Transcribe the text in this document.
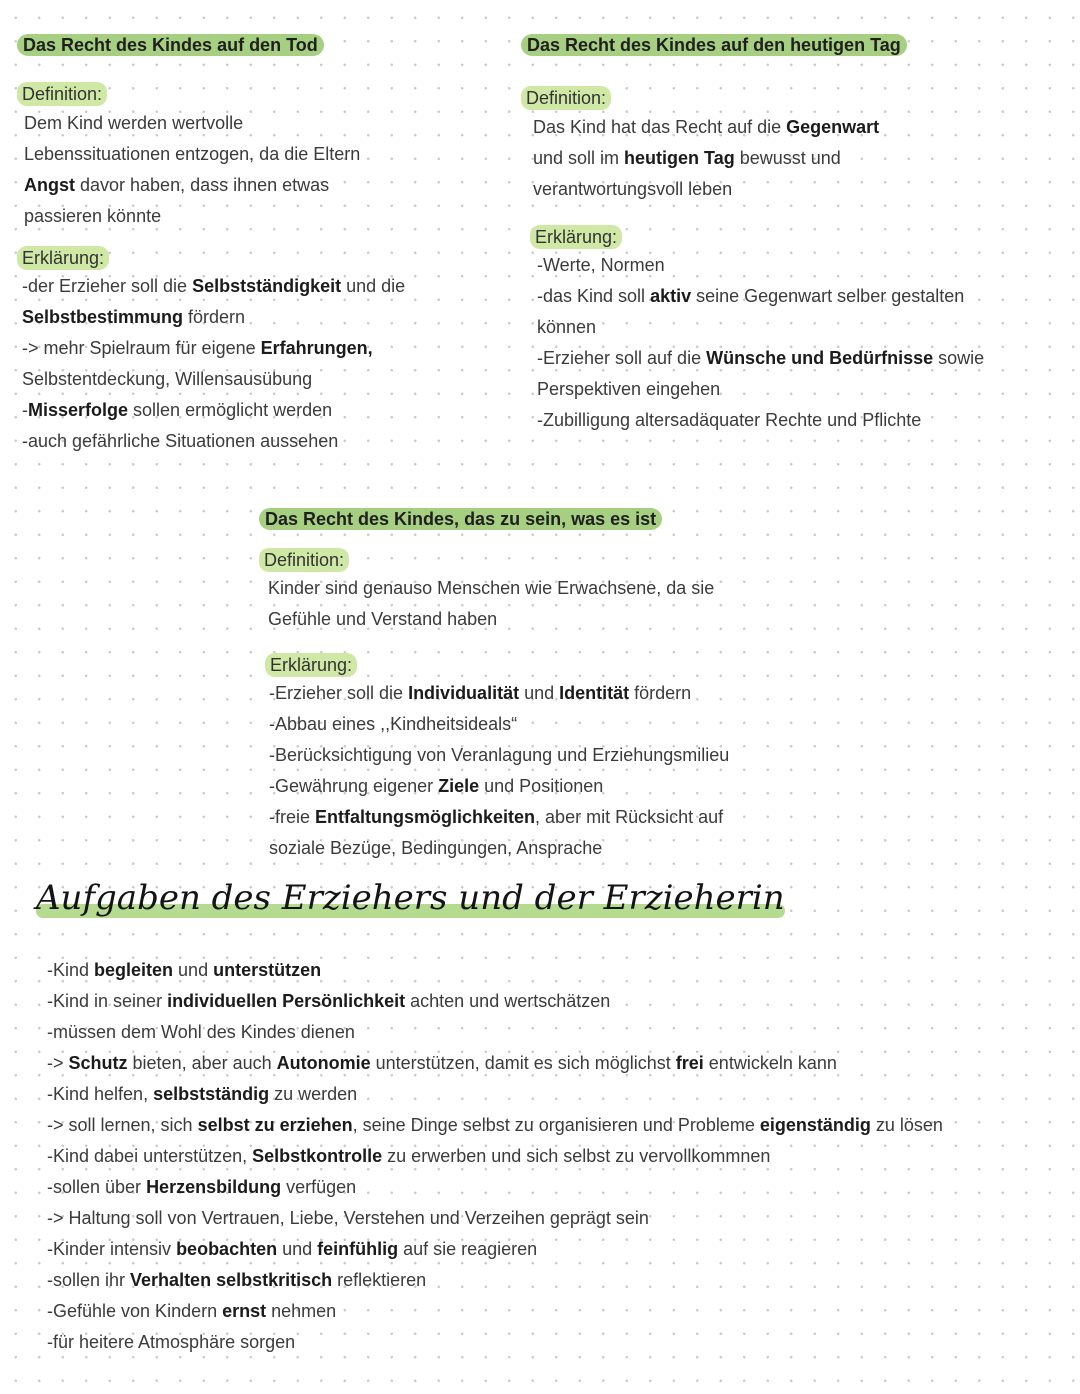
Das Recht des Kindes auf den Tod
Definition:
Dem Kind werden wertvolle
Lebenssituationen entzogen, da die Eltern
Angst davor haben, dass ihnen etwas
passieren könnte
Erklärung:
-der Erzieher soll die Selbstständigkeit und die
Selbstbestimmung fördern
-> mehr Spielraum für eigene Erfahrungen,
Selbstentdeckung, Willensausübung
-Misserfolge sollen ermöglicht werden
-auch gefährliche Situationen aussehen
Das Recht des Kindes auf den heutigen Tag
Definition:
Das Kind hat das Recht auf die Gegenwart
und soll im heutigen Tag bewusst und
verantwortungsvoll leben
Erklärung:
-Werte, Normen
-das Kind soll aktiv seine Gegenwart selber gestalten
können
-Erzieher soll auf die Wünsche und Bedürfnisse sowie
Perspektiven eingehen
-Zubilligung altersadäquater Rechte und Pflichte
Das Recht des Kindes, das zu sein, was es ist
Definition:
Kinder sind genauso Menschen wie Erwachsene, da sie
Gefühle und Verstand haben
Erklärung:
-Erzieher soll die Individualität und Identität fördern
-Abbau eines ,,Kindheitsideals“
-Berücksichtigung von Veranlagung und Erziehungsmilieu
-Gewährung eigener Ziele und Positionen
-freie Entfaltungsmöglichkeiten, aber mit Rücksicht auf
soziale Bezüge, Bedingungen, Ansprache
Aufgaben des Erziehers und der Erzieherin
-Kind begleiten und unterstützen
-Kind in seiner individuellen Persönlichkeit achten und wertschätzen
-müssen dem Wohl des Kindes dienen
-> Schutz bieten, aber auch Autonomie unterstützen, damit es sich möglichst frei entwickeln kann
-Kind helfen, selbstständig zu werden
-> soll lernen, sich selbst zu erziehen, seine Dinge selbst zu organisieren und Probleme eigenständig zu lösen
-Kind dabei unterstützen, Selbstkontrolle zu erwerben und sich selbst zu vervollkommnen
-sollen über Herzensbildung verfügen
-> Haltung soll von Vertrauen, Liebe, Verstehen und Verzeihen geprägt sein
-Kinder intensiv beobachten und feinfühlig auf sie reagieren
-sollen ihr Verhalten selbstkritisch reflektieren
-Gefühle von Kindern ernst nehmen
-für heitere Atmosphäre sorgen
